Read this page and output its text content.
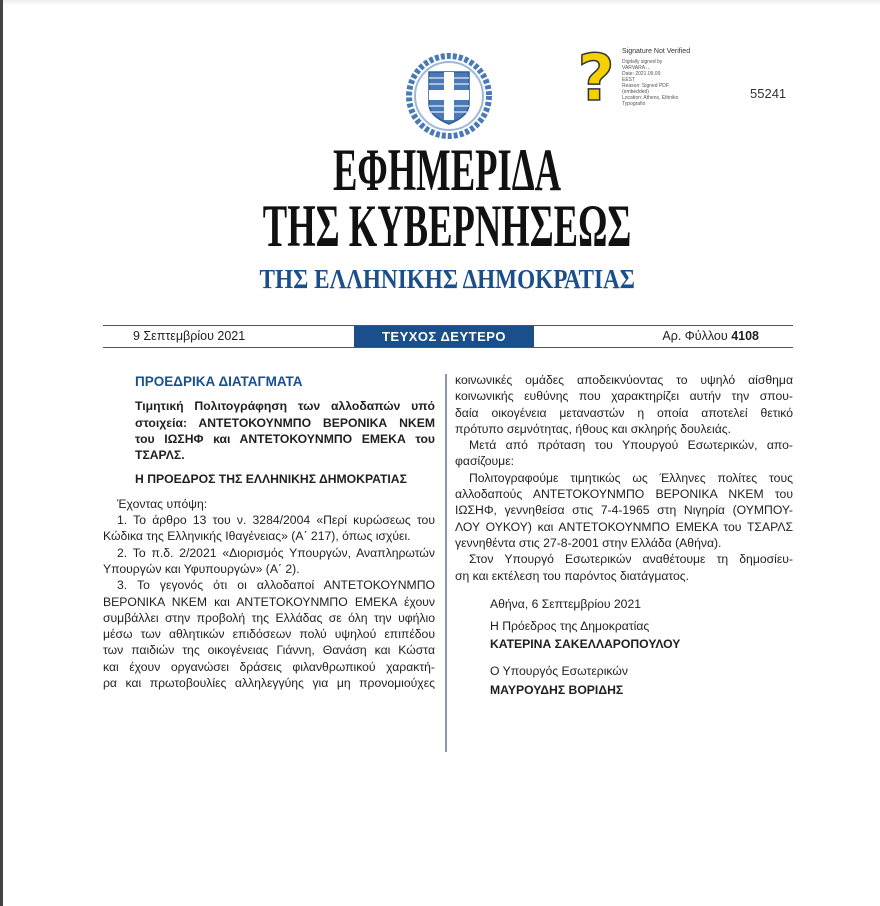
?	Signature Not Verified
Digitally signed by
VARVARA ...
Date: 2021.09.09
EEST
Reason: Signed PDF
(embedded)
Location: Athens, Ethniko
Typografio
55241
ΕΦΗΜΕΡΙΔΑ
ΤΗΣ ΚΥΒΕΡΝΗΣΕΩΣ
ΤΗΣ ΕΛΛΗΝΙΚΗΣ ΔΗΜΟΚΡΑΤΙΑΣ
9 Σεπτεμβρίου 2021	ΤΕΥΧΟΣ ΔΕΥΤΕΡΟ	Αρ. Φύλλου 4108
ΠΡΟΕΔΡΙΚΑ ΔΙΑΤΑΓΜΑΤΑ
Τιμητική Πολιτογράφηση των αλλοδαπών υπό
στοιχεία: ΑΝΤΕΤΟΚΟΥΝΜΠΟ ΒΕΡΟΝΙΚΑ ΝΚΕΜ
του ΙΩΣΗΦ και ΑΝΤΕΤΟΚΟΥΝΜΠΟ ΕΜΕΚΑ του
ΤΣΑΡΛΣ.
Η ΠΡΟΕΔΡΟΣ ΤΗΣ ΕΛΛΗΝΙΚΗΣ ΔΗΜΟΚΡΑΤΙΑΣ
Έχοντας υπόψη:
1. Το άρθρο 13 του ν. 3284/2004 «Περί κυρώσεως του
Κώδικα της Ελληνικής Ιθαγένειας» (Α΄ 217), όπως ισχύει.
2. Το π.δ. 2/2021 «Διορισμός Υπουργών, Αναπληρωτών
Υπουργών και Υφυπουργών» (Α΄ 2).
3. Το γεγονός ότι οι αλλοδαποί ΑΝΤΕΤΟΚΟΥΝΜΠΟ
ΒΕΡΟΝΙΚΑ ΝΚΕΜ και ΑΝΤΕΤΟΚΟΥΝΜΠΟ ΕΜΕΚΑ έχουν
συμβάλλει στην προβολή της Ελλάδας σε όλη την υφήλιο
μέσω των αθλητικών επιδόσεων πολύ υψηλού επιπέδου
των παιδιών της οικογένειας Γιάννη, Θανάση και Κώστα
και έχουν οργανώσει δράσεις φιλανθρωπικού χαρακτή-
ρα και πρωτοβουλίες αλληλεγγύης για μη προνομιούχες
κοινωνικές ομάδες αποδεικνύοντας το υψηλό αίσθημα
κοινωνικής ευθύνης που χαρακτηρίζει αυτήν την σπου-
δαία οικογένεια μεταναστών η οποία αποτελεί θετικό
πρότυπο σεμνότητας, ήθους και σκληρής δουλειάς.
Μετά από πρόταση του Υπουργού Εσωτερικών, απο-
φασίζουμε:
Πολιτογραφούμε τιμητικώς ως Έλληνες πολίτες τους
αλλοδαπούς ΑΝΤΕΤΟΚΟΥΝΜΠΟ ΒΕΡΟΝΙΚΑ ΝΚΕΜ του
ΙΩΣΗΦ, γεννηθείσα στις 7-4-1965 στη Νιγηρία (ΟΥΜΠΟΥ-
ΛΟΥ ΟΥΚΟΥ) και ΑΝΤΕΤΟΚΟΥΝΜΠΟ ΕΜΕΚΑ του ΤΣΑΡΛΣ
γεννηθέντα στις 27-8-2001 στην Ελλάδα (Αθήνα).
Στον Υπουργό Εσωτερικών αναθέτουμε τη δημοσίευ-
ση και εκτέλεση του παρόντος διατάγματος.
Αθήνα, 6 Σεπτεμβρίου 2021
Η Πρόεδρος της Δημοκρατίας
ΚΑΤΕΡΙΝΑ ΣΑΚΕΛΛΑΡΟΠΟΥΛΟΥ
Ο Υπουργός Εσωτερικών
ΜΑΥΡΟΥΔΗΣ ΒΟΡΙΔΗΣ
